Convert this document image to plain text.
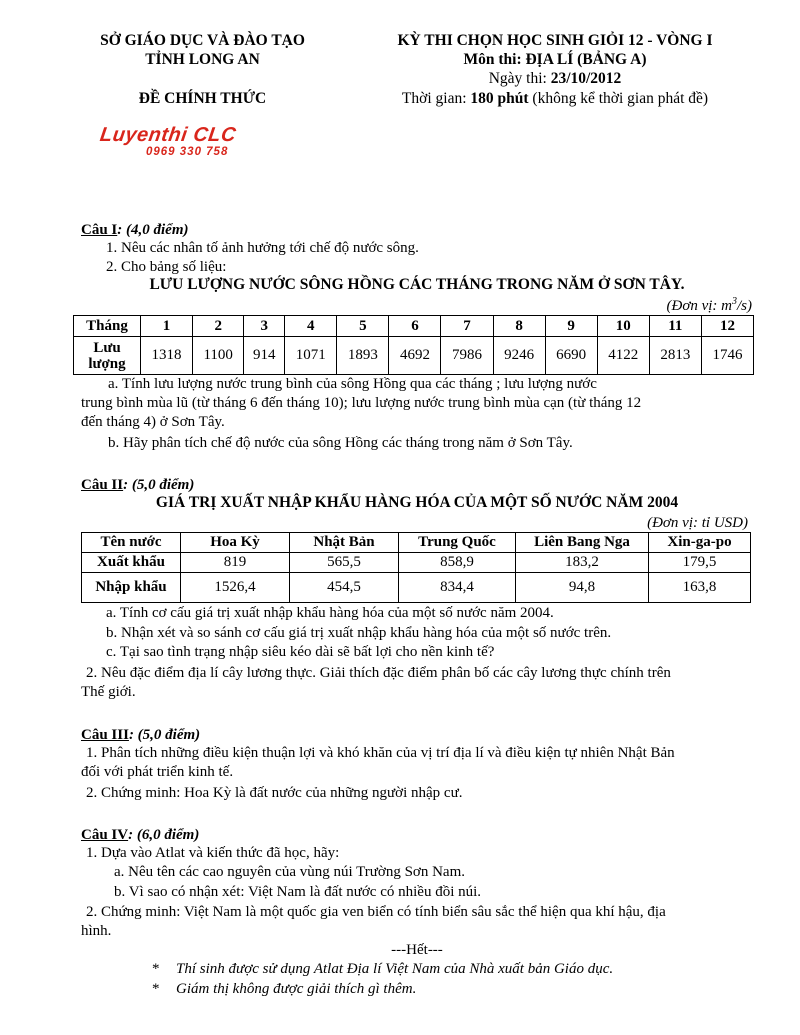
SỞ GIÁO DỤC VÀ ĐÀO TẠO
TỈNH LONG AN
ĐỀ CHÍNH THỨC
KỲ THI CHỌN HỌC SINH GIỎI 12 - VÒNG I
Môn thi: ĐỊA LÍ (BẢNG A)
Ngày thi: 23/10/2012
Thời gian: 180 phút (không kể thời gian phát đề)
Luyenthi CLC
0969 330 758
Câu I: (4,0 điểm)
1. Nêu các nhân tố ảnh hưởng tới chế độ nước sông.
2. Cho bảng số liệu:
LƯU LƯỢNG NƯỚC SÔNG HỒNG CÁC THÁNG TRONG NĂM Ở SƠN TÂY.
(Đơn vị: $m^3/s$)
Tháng	1	2	3	4	5	6	7	8	9	10	11	12
Lưu
lượng	1318	1100	914	1071	1893	4692	7986	9246	6690	4122	2813	1746
a. Tính lưu lượng nước trung bình của sông Hồng qua các tháng ; lưu lượng nước
trung bình mùa lũ (từ tháng 6 đến tháng 10); lưu lượng nước trung bình mùa cạn (từ tháng 12
đến tháng 4) ở Sơn Tây.
b. Hãy phân tích chế độ nước của sông Hồng các tháng trong năm ở Sơn Tây.
Câu II: (5,0 điểm)
GIÁ TRỊ XUẤT NHẬP KHẨU HÀNG HÓA CỦA MỘT SỐ NƯỚC NĂM 2004
(Đơn vị: tỉ USD)
Tên nước	Hoa Kỳ	Nhật Bản	Trung Quốc	Liên Bang Nga	Xin-ga-po
Xuất khẩu	819	565,5	858,9	183,2	179,5
Nhập khẩu	1526,4	454,5	834,4	94,8	163,8
a. Tính cơ cấu giá trị xuất nhập khẩu hàng hóa của một số nước năm 2004.
b. Nhận xét và so sánh cơ cấu giá trị xuất nhập khẩu hàng hóa của một số nước trên.
c. Tại sao tình trạng nhập siêu kéo dài sẽ bất lợi cho nền kinh tế?
2. Nêu đặc điểm địa lí cây lương thực. Giải thích đặc điểm phân bố các cây lương thực chính trên
Thế giới.
Câu III: (5,0 điểm)
1. Phân tích những điều kiện thuận lợi và khó khăn của vị trí địa lí và điều kiện tự nhiên Nhật Bản
đối với phát triển kinh tế.
2. Chứng minh: Hoa Kỳ là đất nước của những người nhập cư.
Câu IV: (6,0 điểm)
1. Dựa vào Atlat và kiến thức đã học, hãy:
a. Nêu tên các cao nguyên của vùng núi Trường Sơn Nam.
b. Vì sao có nhận xét: Việt Nam là đất nước có nhiều đồi núi.
2. Chứng minh: Việt Nam là một quốc gia ven biển có tính biển sâu sắc thể hiện qua khí hậu, địa
hình.
---Hết---
* Thí sinh được sử dụng Atlat Địa lí Việt Nam của Nhà xuất bản Giáo dục.
* Giám thị không được giải thích gì thêm.
